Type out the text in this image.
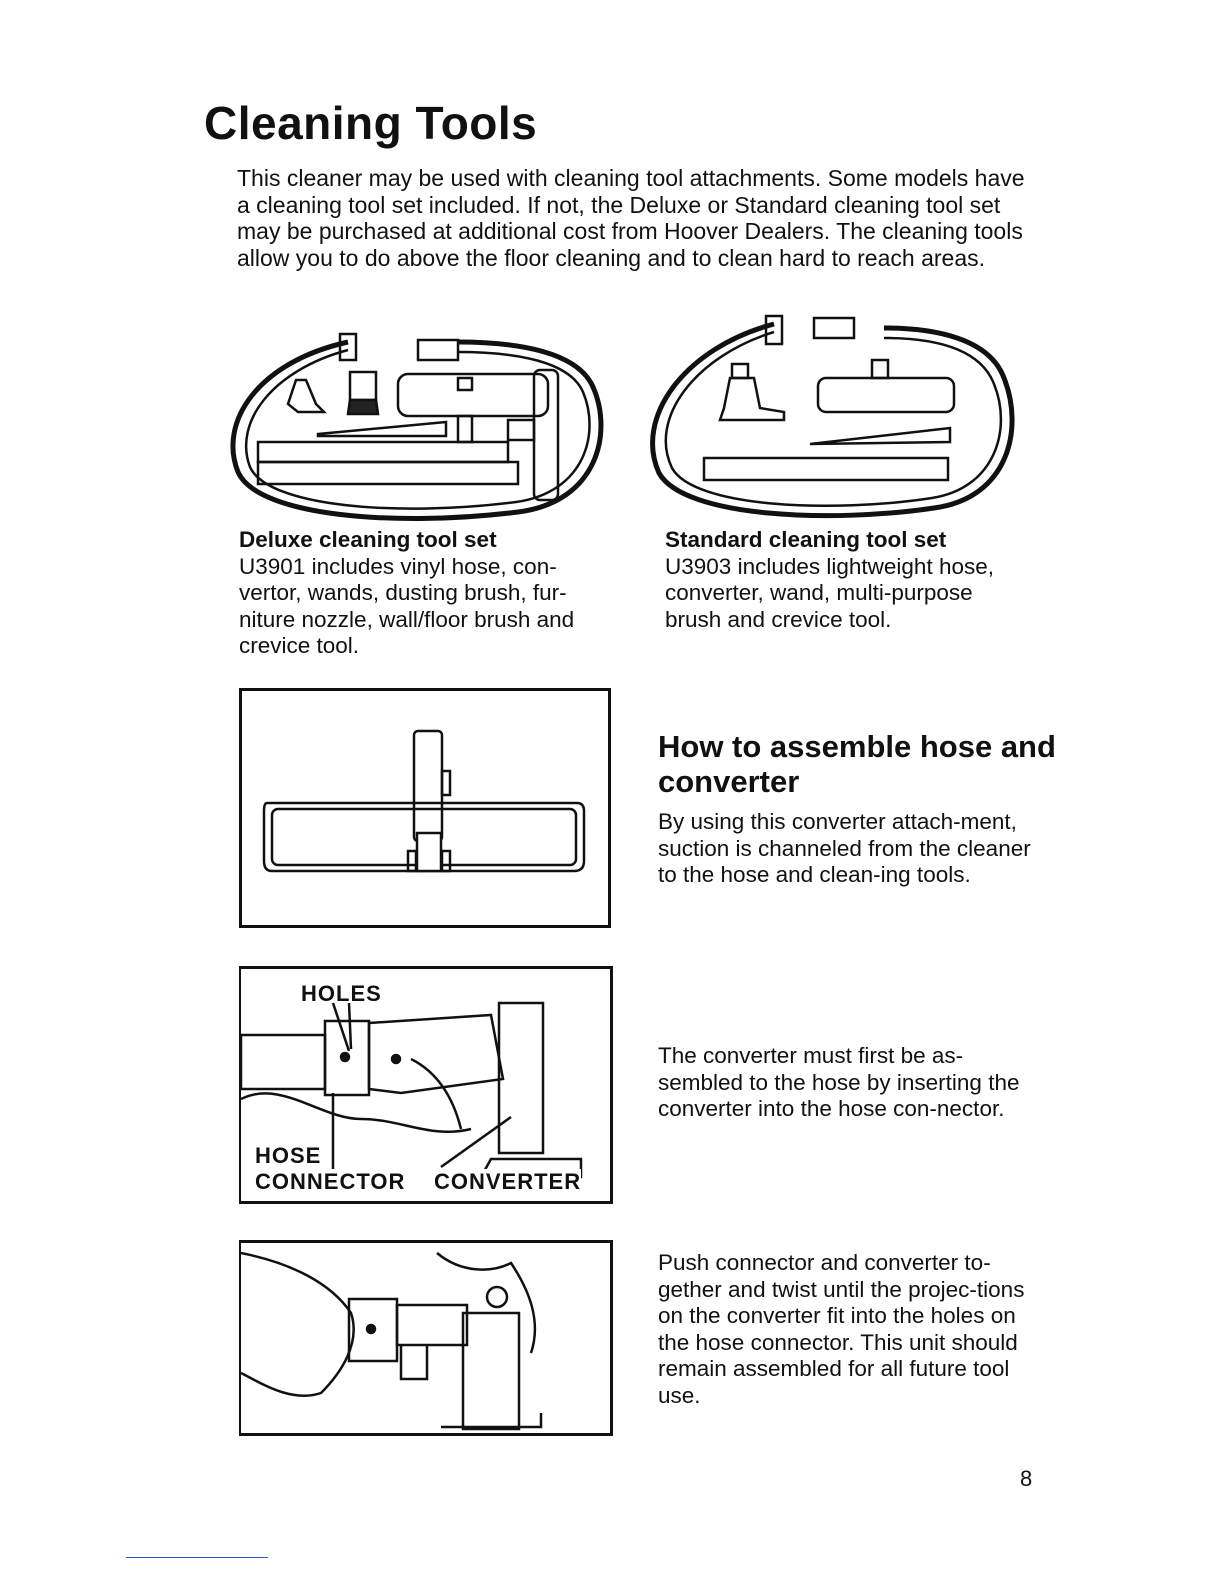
Cleaning Tools
This cleaner may be used with cleaning tool attachments. Some models have a cleaning tool set included. If not, the Deluxe or Standard cleaning tool set may be purchased at additional cost from Hoover Dealers. The cleaning tools allow you to do above the floor cleaning and to clean hard to reach areas.
Deluxe cleaning tool set
U3901 includes vinyl hose, con-vertor, wands, dusting brush, fur-niture nozzle, wall/floor brush and crevice tool.
Standard cleaning tool set
U3903 includes lightweight hose, converter, wand, multi-purpose brush and crevice tool.
How to assemble hose and converter
By using this converter attach-ment, suction is channeled from the cleaner to the hose and clean-ing tools.
HOLES
HOSE
CONNECTOR CONVERTER
The converter must first be as-sembled to the hose by inserting the converter into the hose con-nector.
Push connector and converter to-gether and twist until the projec-tions on the converter fit into the holes on the hose connector. This unit should remain assembled for all future tool use.
8
